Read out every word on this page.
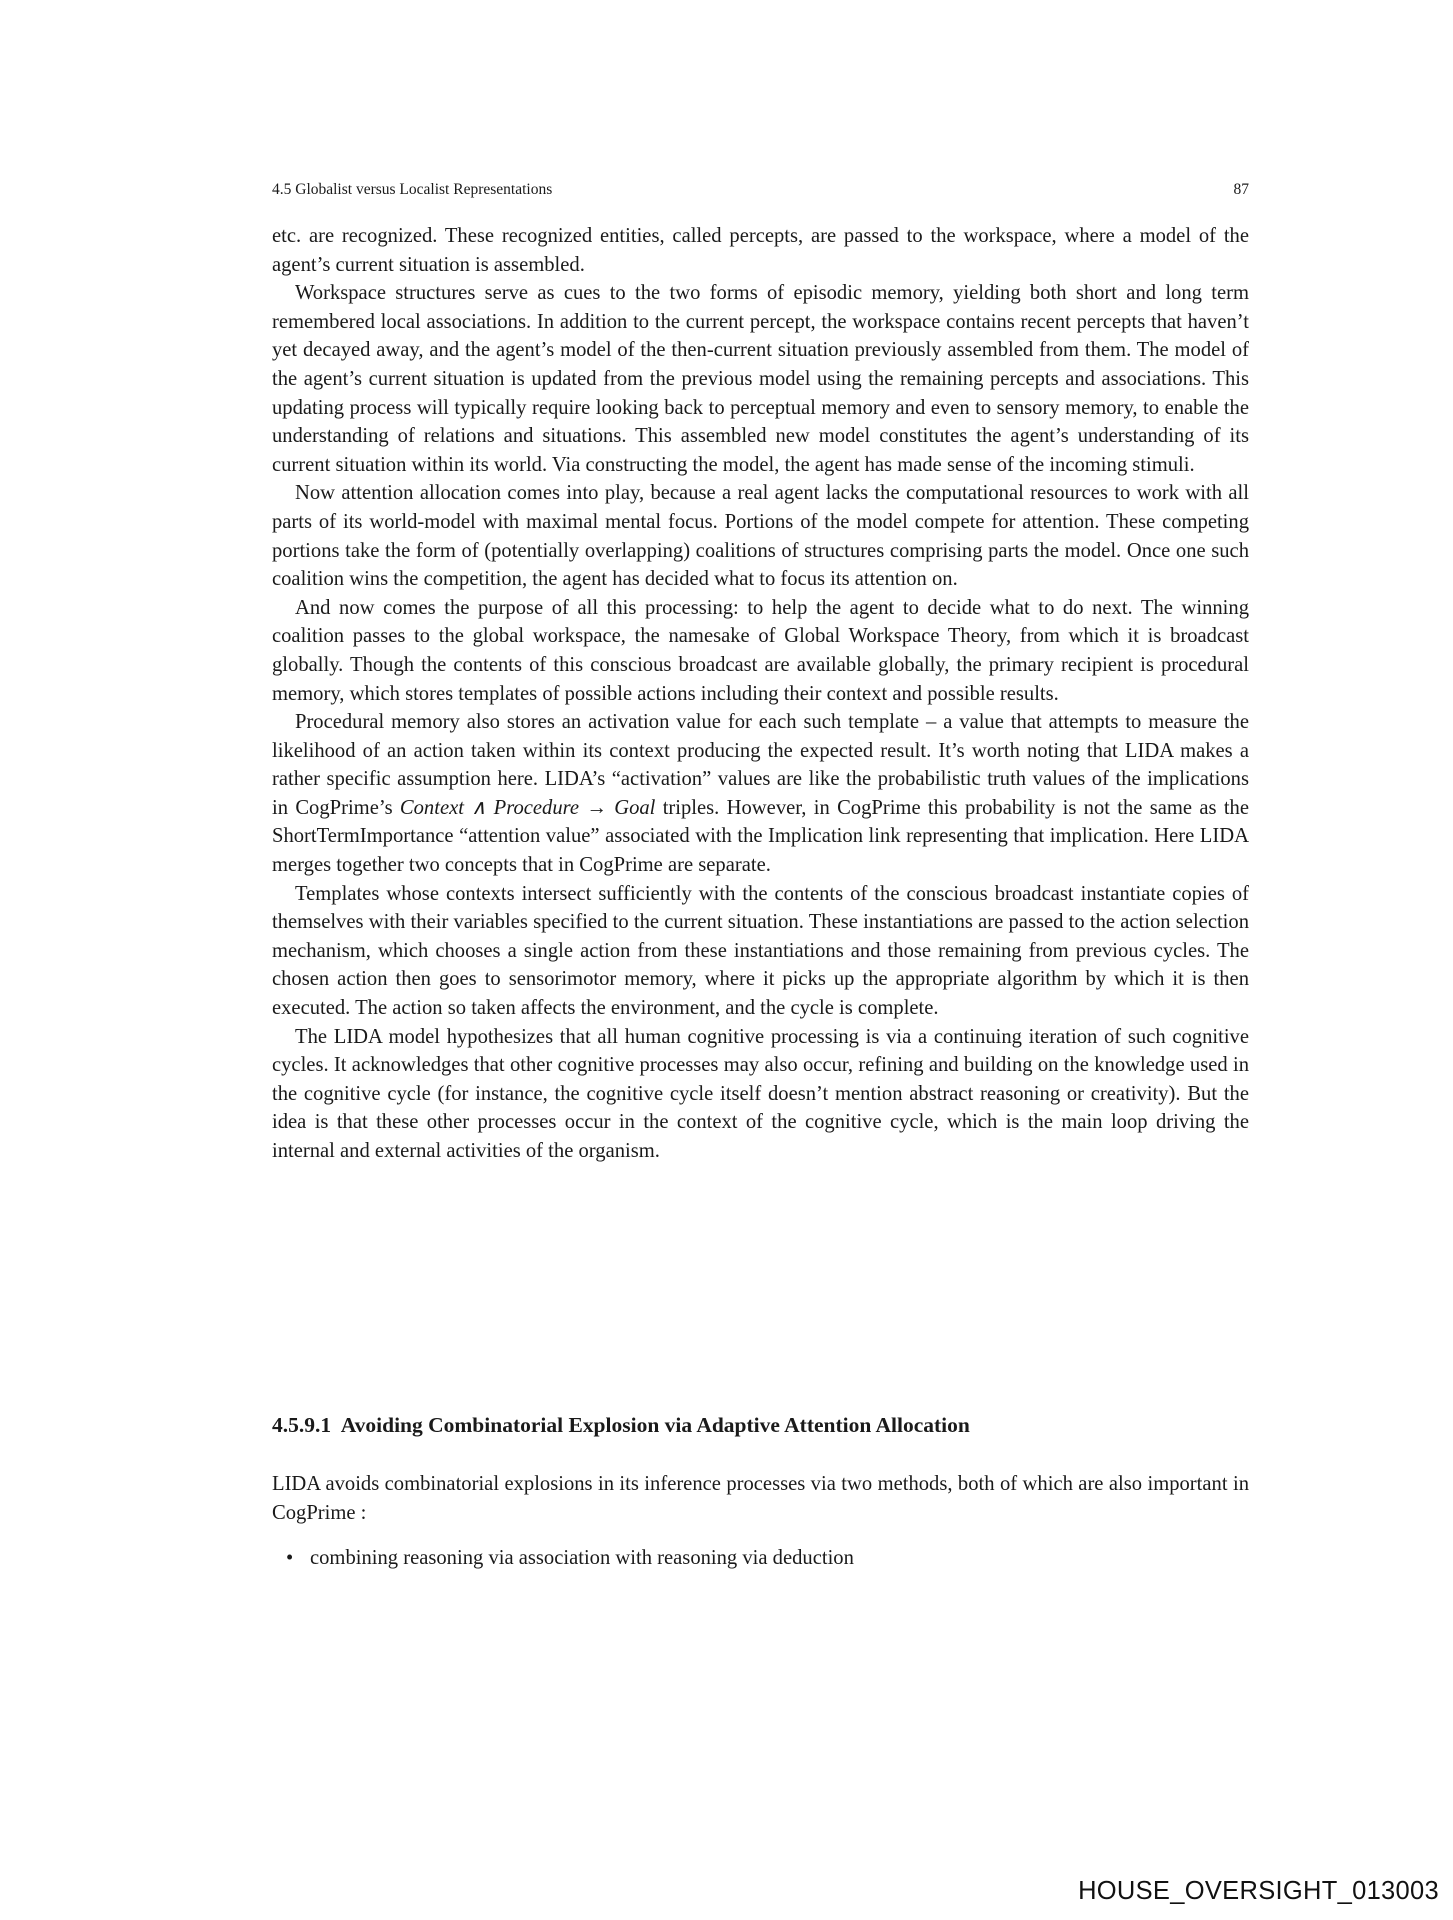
4.5 Globalist versus Localist Representations	87

etc. are recognized. These recognized entities, called percepts, are passed to the workspace, where a model of the agent’s current situation is assembled.

Workspace structures serve as cues to the two forms of episodic memory, yielding both short and long term remembered local associations. In addition to the current percept, the workspace contains recent percepts that haven’t yet decayed away, and the agent’s model of the then-current situation previously assembled from them. The model of the agent’s current situation is updated from the previous model using the remaining percepts and associations. This updating process will typically require looking back to perceptual memory and even to sensory memory, to enable the understanding of relations and situations. This assembled new model constitutes the agent’s understanding of its current situation within its world. Via constructing the model, the agent has made sense of the incoming stimuli.

Now attention allocation comes into play, because a real agent lacks the computational resources to work with all parts of its world-model with maximal mental focus. Portions of the model compete for attention. These competing portions take the form of (potentially overlapping) coalitions of structures comprising parts the model. Once one such coalition wins the competition, the agent has decided what to focus its attention on.

And now comes the purpose of all this processing: to help the agent to decide what to do next. The winning coalition passes to the global workspace, the namesake of Global Workspace Theory, from which it is broadcast globally. Though the contents of this conscious broadcast are available globally, the primary recipient is procedural memory, which stores templates of possible actions including their context and possible results.

Procedural memory also stores an activation value for each such template – a value that attempts to measure the likelihood of an action taken within its context producing the expected result. It’s worth noting that LIDA makes a rather specific assumption here. LIDA’s “activation” values are like the probabilistic truth values of the implications in CogPrime’s Context ∧ Procedure → Goal triples. However, in CogPrime this probability is not the same as the ShortTermImportance “attention value” associated with the Implication link representing that implication. Here LIDA merges together two concepts that in CogPrime are separate.

Templates whose contexts intersect sufficiently with the contents of the conscious broadcast instantiate copies of themselves with their variables specified to the current situation. These instantiations are passed to the action selection mechanism, which chooses a single action from these instantiations and those remaining from previous cycles. The chosen action then goes to sensorimotor memory, where it picks up the appropriate algorithm by which it is then executed. The action so taken affects the environment, and the cycle is complete.

The LIDA model hypothesizes that all human cognitive processing is via a continuing iteration of such cognitive cycles. It acknowledges that other cognitive processes may also occur, refining and building on the knowledge used in the cognitive cycle (for instance, the cognitive cycle itself doesn’t mention abstract reasoning or creativity). But the idea is that these other processes occur in the context of the cognitive cycle, which is the main loop driving the internal and external activities of the organism.

4.5.9.1 Avoiding Combinatorial Explosion via Adaptive Attention Allocation

LIDA avoids combinatorial explosions in its inference processes via two methods, both of which are also important in CogPrime :

• combining reasoning via association with reasoning via deduction
HOUSE_OVERSIGHT_013003
